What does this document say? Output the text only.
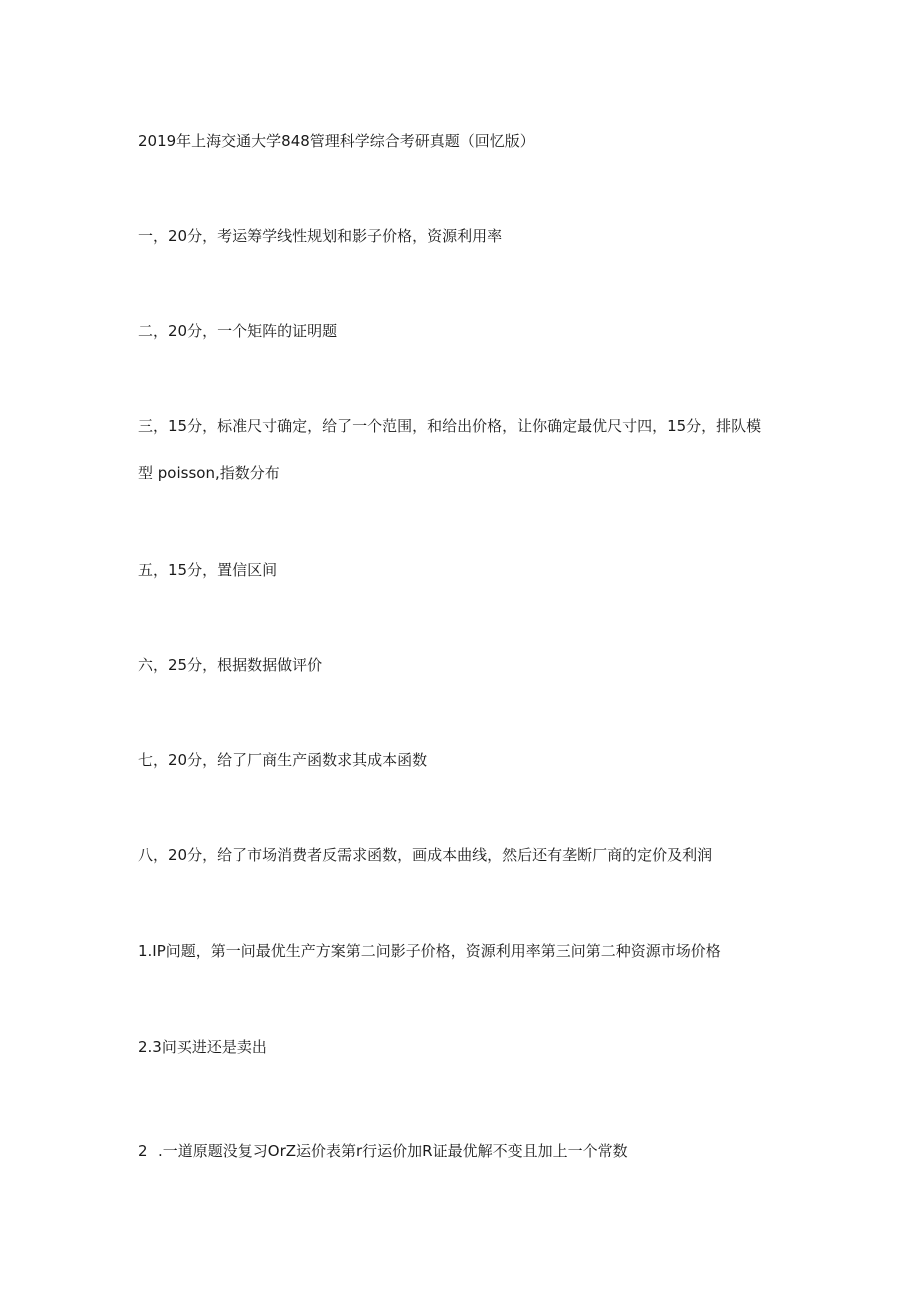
2019年上海交通大学848管理科学综合考研真题（回忆版）
一，20分，考运筹学线性规划和影子价格，资源利用率
二，20分，一个矩阵的证明题
三，15分，标准尺寸确定，给了一个范围，和给出价格，让你确定最优尺寸四，15分，排队模
型 poisson,指数分布
五，15分，置信区间
六，25分，根据数据做评价
七，20分，给了厂商生产函数求其成本函数
八，20分，给了市场消费者反需求函数，画成本曲线，然后还有垄断厂商的定价及利润
1.IP问题，第一问最优生产方案第二问影子价格，资源利用率第三问第二种资源市场价格
2.3问买进还是卖出
2 .一道原题没复习OrZ运价表第r行运价加R证最优解不变且加上一个常数
